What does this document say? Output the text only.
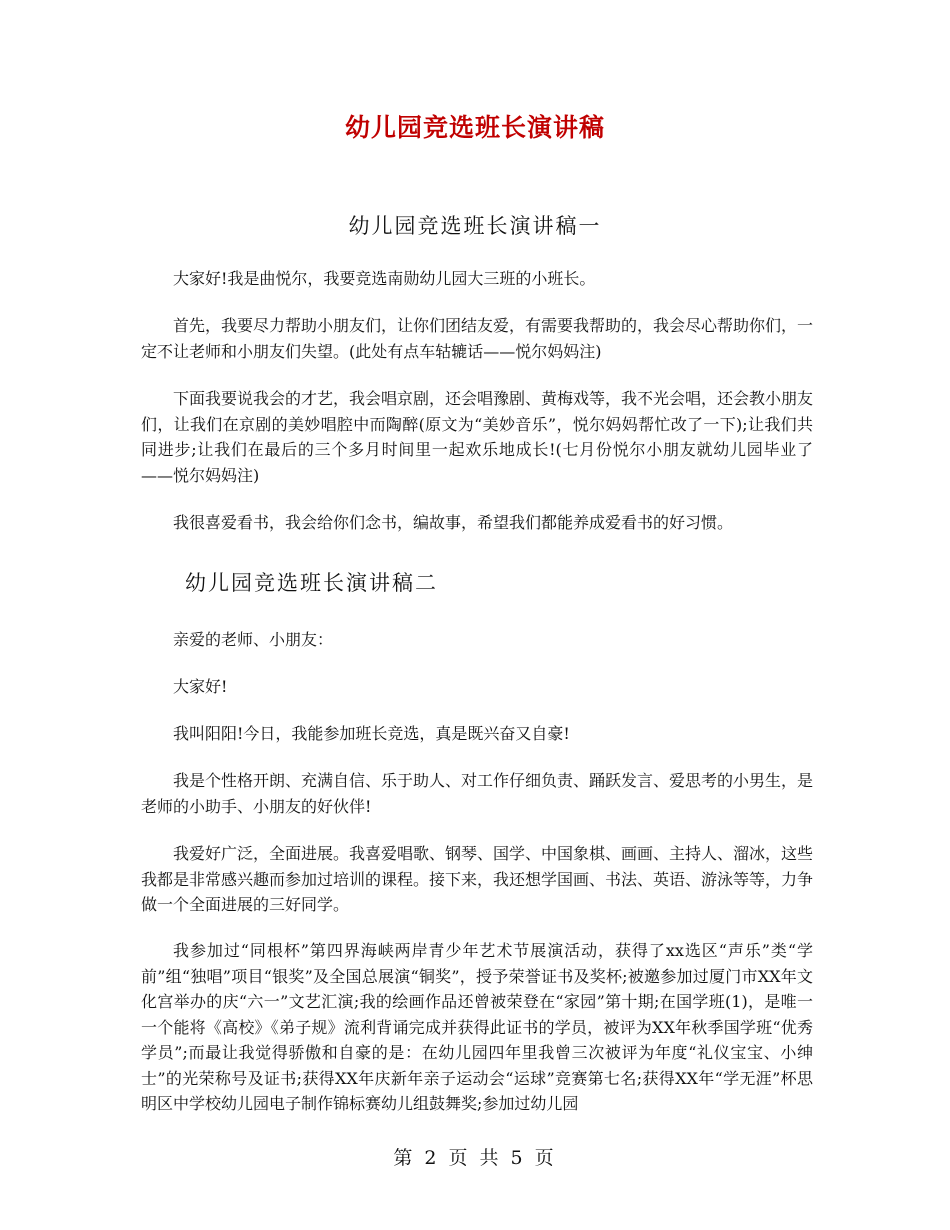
幼儿园竞选班长演讲稿
幼儿园竞选班长演讲稿一

大家好!我是曲悦尔，我要竞选南勋幼儿园大三班的小班长。

首先，我要尽力帮助小朋友们，让你们团结友爱，有需要我帮助的，我会尽心帮助你们，一定不让老师和小朋友们失望。(此处有点车轱辘话——悦尔妈妈注)

下面我要说我会的才艺，我会唱京剧，还会唱豫剧、黄梅戏等，我不光会唱，还会教小朋友们，让我们在京剧的美妙唱腔中而陶醉(原文为“美妙音乐”，悦尔妈妈帮忙改了一下);让我们共同进步;让我们在最后的三个多月时间里一起欢乐地成长!(七月份悦尔小朋友就幼儿园毕业了——悦尔妈妈注)

我很喜爱看书，我会给你们念书，编故事，希望我们都能养成爱看书的好习惯。

幼儿园竞选班长演讲稿二

亲爱的老师、小朋友：

大家好!

我叫阳阳!今日，我能参加班长竞选，真是既兴奋又自豪!

我是个性格开朗、充满自信、乐于助人、对工作仔细负责、踊跃发言、爱思考的小男生，是老师的小助手、小朋友的好伙伴!

我爱好广泛，全面进展。我喜爱唱歌、钢琴、国学、中国象棋、画画、主持人、溜冰，这些我都是非常感兴趣而参加过培训的课程。接下来，我还想学国画、书法、英语、游泳等等，力争做一个全面进展的三好同学。

我参加过“同根杯”第四界海峡两岸青少年艺术节展演活动，获得了xx选区“声乐”类“学前”组“独唱”项目“银奖”及全国总展演“铜奖”，授予荣誉证书及奖杯;被邀参加过厦门市XX年文化宫举办的庆“六一”文艺汇演;我的绘画作品还曾被荣登在“家园”第十期;在国学班(1)，是唯一一个能将《高校》《弟子规》流利背诵完成并获得此证书的学员，被评为XX年秋季国学班“优秀学员”;而最让我觉得骄傲和自豪的是：在幼儿园四年里我曾三次被评为年度“礼仪宝宝、小绅士”的光荣称号及证书;获得XX年庆新年亲子运动会“运球”竞赛第七名;获得XX年“学无涯”杯思明区中学校幼儿园电子制作锦标赛幼儿组鼓舞奖;参加过幼儿园

第 2 页 共 5 页
